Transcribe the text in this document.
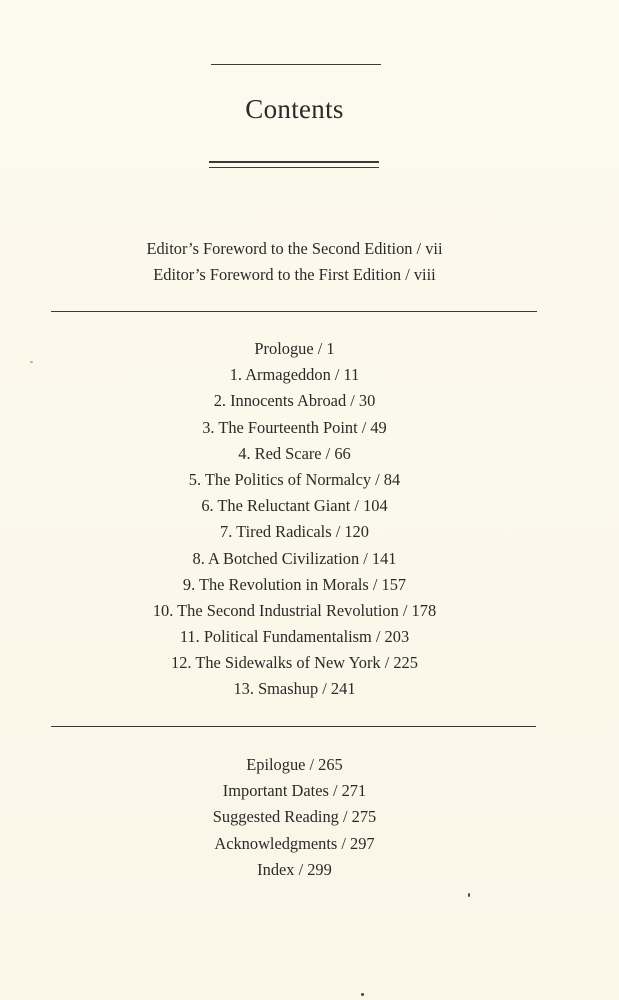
Contents
Editor’s Foreword to the Second Edition / vii
Editor’s Foreword to the First Edition / viii
Prologue / 1
1. Armageddon / 11
2. Innocents Abroad / 30
3. The Fourteenth Point / 49
4. Red Scare / 66
5. The Politics of Normalcy / 84
6. The Reluctant Giant / 104
7. Tired Radicals / 120
8. A Botched Civilization / 141
9. The Revolution in Morals / 157
10. The Second Industrial Revolution / 178
11. Political Fundamentalism / 203
12. The Sidewalks of New York / 225
13. Smashup / 241
Epilogue / 265
Important Dates / 271
Suggested Reading / 275
Acknowledgments / 297
Index / 299
